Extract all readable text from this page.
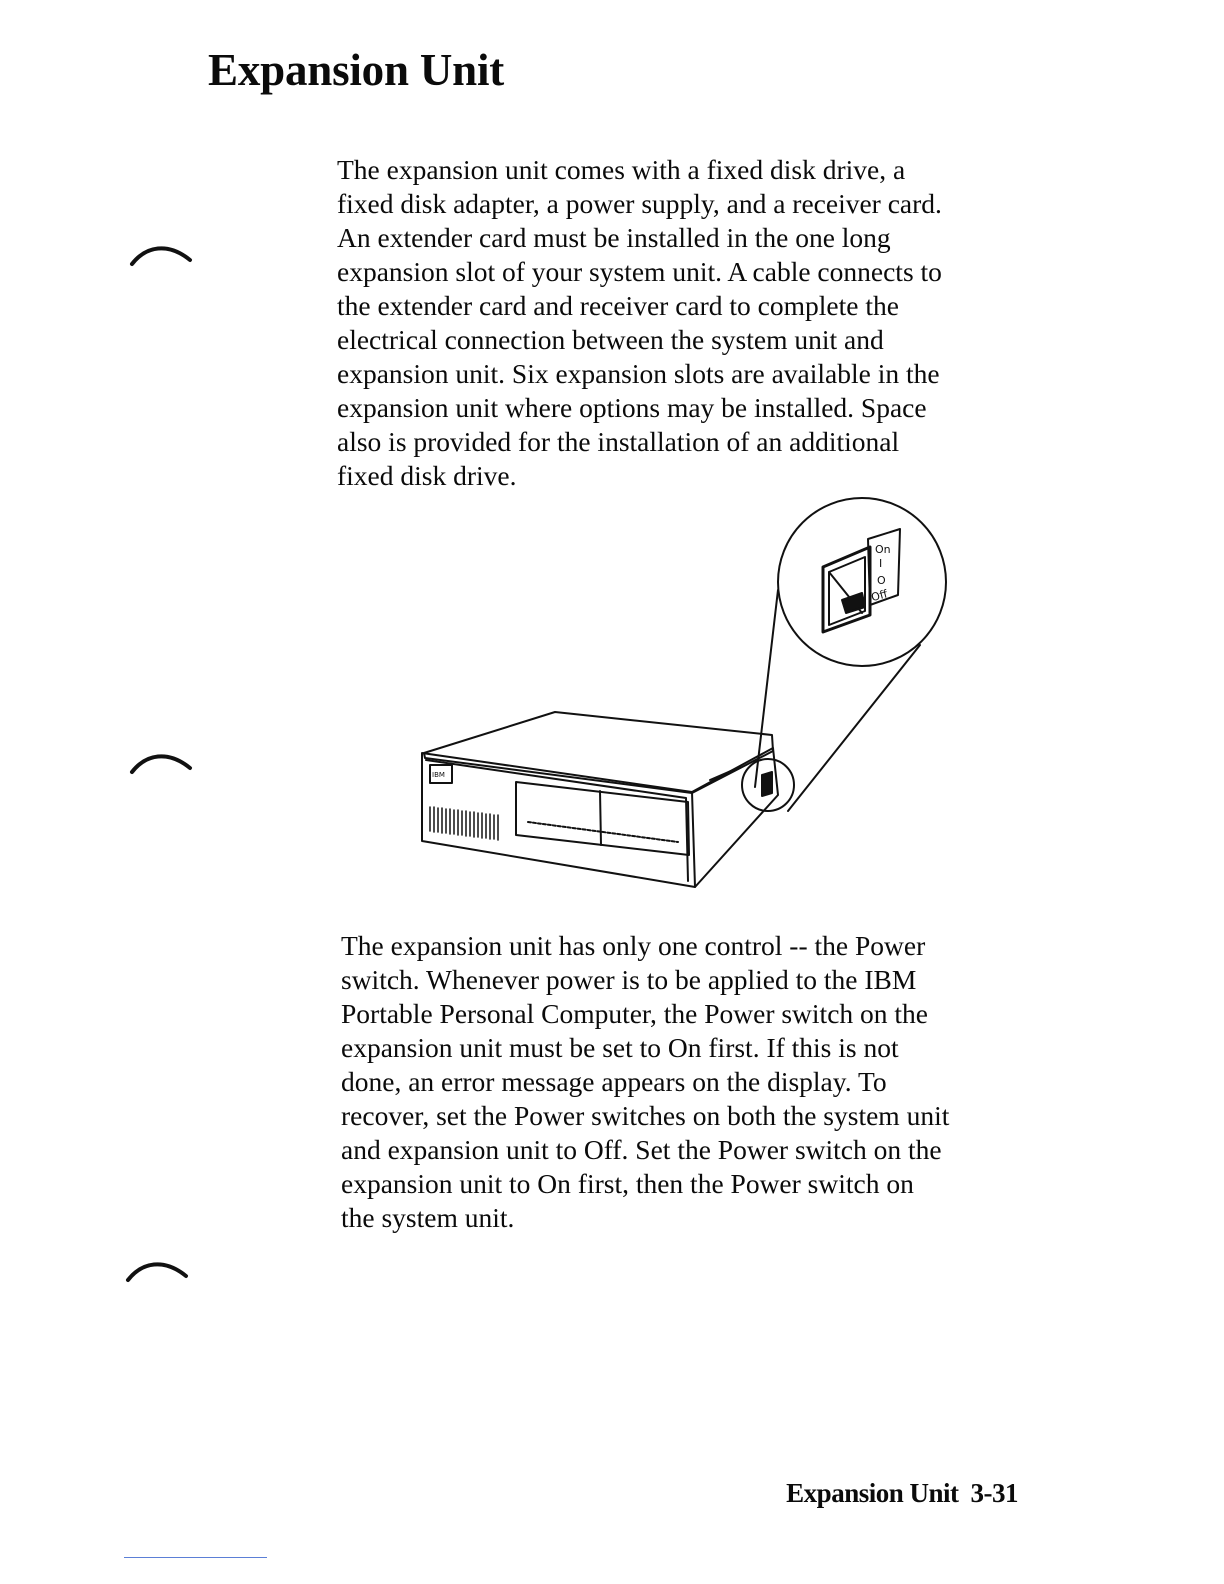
Expansion Unit
The expansion unit comes with a fixed disk drive, a
fixed disk adapter, a power supply, and a receiver card.
An extender card must be installed in the one long
expansion slot of your system unit. A cable connects to
the extender card and receiver card to complete the
electrical connection between the system unit and
expansion unit. Six expansion slots are available in the
expansion unit where options may be installed. Space
also is provided for the installation of an additional
fixed disk drive.
On
I
O
Off
IBM
The expansion unit has only one control -- the Power
switch. Whenever power is to be applied to the IBM
Portable Personal Computer, the Power switch on the
expansion unit must be set to On first. If this is not
done, an error message appears on the display. To
recover, set the Power switches on both the system unit
and expansion unit to Off. Set the Power switch on the
expansion unit to On first, then the Power switch on
the system unit.
Expansion Unit 3-31
